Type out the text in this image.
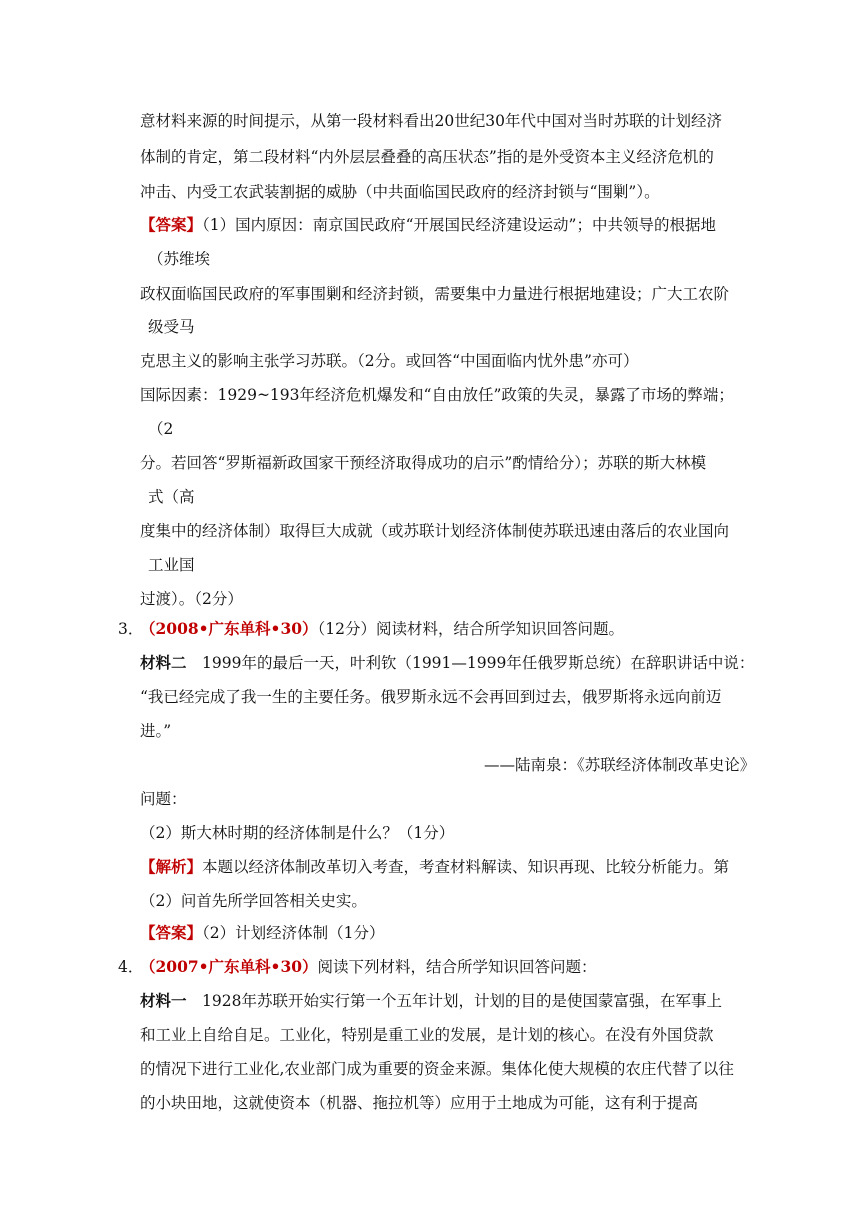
意材料来源的时间提示，从第一段材料看出20世纪30年代中国对当时苏联的计划经济
体制的肯定，第二段材料“内外层层叠叠的高压状态”指的是外受资本主义经济危机的
冲击、内受工农武装割据的威胁（中共面临国民政府的经济封锁与“围剿”）。
【答案】（1）国内原因：南京国民政府“开展国民经济建设运动”；中共领导的根据地
（苏维埃
政权面临国民政府的军事围剿和经济封锁，需要集中力量进行根据地建设；广大工农阶
级受马
克思主义的影响主张学习苏联。（2分。或回答“中国面临内忧外患”亦可）
国际因素：1929~193年经济危机爆发和“自由放任”政策的失灵，暴露了市场的弊端；
（2
分。若回答“罗斯福新政国家干预经济取得成功的启示”酌情给分）；苏联的斯大林模
式（高
度集中的经济体制）取得巨大成就（或苏联计划经济体制使苏联迅速由落后的农业国向
工业国
过渡）。（2分）
3．
（2008•广东单科•30）（12分）阅读材料，结合所学知识回答问题。
材料二  1999年的最后一天，叶利钦（1991—1999年任俄罗斯总统）在辞职讲话中说：
“我已经完成了我一生的主要任务。俄罗斯永远不会再回到过去，俄罗斯将永远向前迈
进。”
——陆南泉：《苏联经济体制改革史论》
问题：
（2）斯大林时期的经济体制是什么？（1分）
【解析】本题以经济体制改革切入考查，考查材料解读、知识再现、比较分析能力。第
（2）问首先所学回答相关史实。
【答案】（2）计划经济体制（1分）
4．
（2007•广东单科•30）阅读下列材料，结合所学知识回答问题：
材料一  1928年苏联开始实行第一个五年计划，计划的目的是使国蒙富强，在军事上
和工业上自给自足。工业化，特别是重工业的发展，是计划的核心。在没有外国贷款
的情况下进行工业化,农业部门成为重要的资金来源。集体化使大规模的农庄代替了以往
的小块田地，这就使资本（机器、拖拉机等）应用于土地成为可能，这有利于提高
